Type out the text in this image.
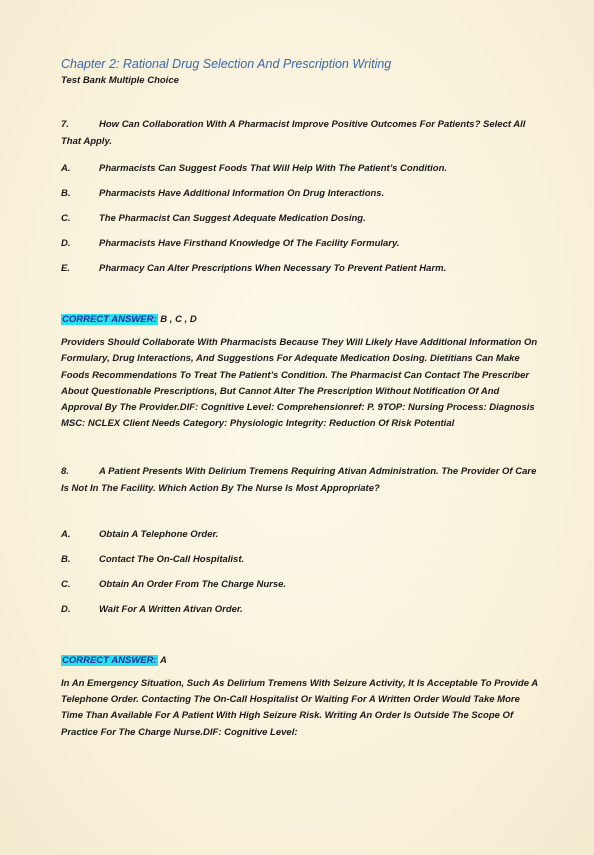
Chapter 2: Rational Drug Selection And Prescription Writing
Test Bank Multiple Choice
7.	How Can Collaboration With A Pharmacist Improve Positive Outcomes For Patients? Select All That Apply.
A.	Pharmacists Can Suggest Foods That Will Help With The Patient’s Condition.
B.	Pharmacists Have Additional Information On Drug Interactions.
C.	The Pharmacist Can Suggest Adequate Medication Dosing.
D.	Pharmacists Have Firsthand Knowledge Of The Facility Formulary.
E.	Pharmacy Can Alter Prescriptions When Necessary To Prevent Patient Harm.
CORRECT ANSWER: B , C , D
Providers Should Collaborate With Pharmacists Because They Will Likely Have Additional Information On Formulary, Drug Interactions, And Suggestions For Adequate Medication Dosing. Dietitians Can Make Foods Recommendations To Treat The Patient’s Condition. The Pharmacist Can Contact The Prescriber About Questionable Prescriptions, But Cannot Alter The Prescription Without Notification Of And Approval By The Provider.DIF: Cognitive Level: Comprehensionref: P. 9TOP: Nursing Process: Diagnosis MSC: NCLEX Client Needs Category: Physiologic Integrity: Reduction Of Risk Potential
8.	A Patient Presents With Delirium Tremens Requiring Ativan Administration. The Provider Of Care Is Not In The Facility. Which Action By The Nurse Is Most Appropriate?
A.	Obtain A Telephone Order.
B.	Contact The On-Call Hospitalist.
C.	Obtain An Order From The Charge Nurse.
D.	Wait For A Written Ativan Order.
CORRECT ANSWER: A
In An Emergency Situation, Such As Delirium Tremens With Seizure Activity, It Is Acceptable To Provide A Telephone Order. Contacting The On-Call Hospitalist Or Waiting For A Written Order Would Take More Time Than Available For A Patient With High Seizure Risk. Writing An Order Is Outside The Scope Of Practice For The Charge Nurse.DIF: Cognitive Level:
